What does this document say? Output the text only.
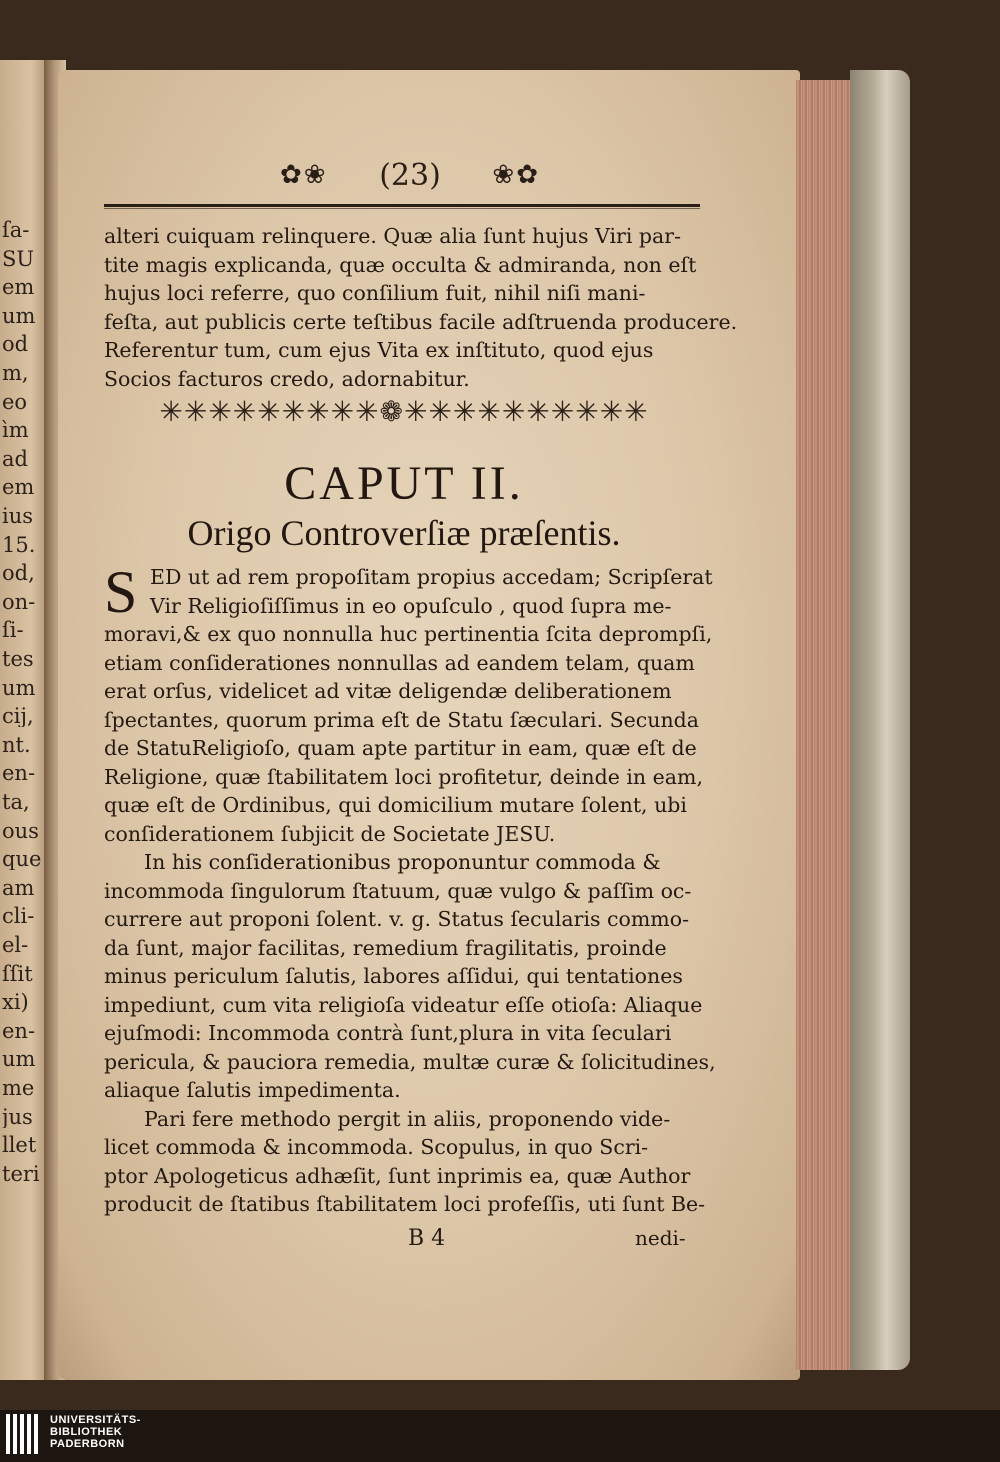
ſa-
SU
em
um
od
m,
eo
ìm
ad
em
ius
15.
od,
on-
ſi-
tes
um
cij,
nt.
en-
ta,
ous
que
am
cli-
el-
ſſit
xi)
en-
um
me
jus
llet
teri
✿❀ (23) ❀✿
alteri cuiquam relinquere. Quæ alia ſunt hujus Viri par-
tite magis explicanda, quæ occulta & admiranda, non eſt
hujus loci referre, quo conſilium fuit, nihil niſi mani-
feſta, aut publicis certe teſtibus facile adſtruenda producere.
Referentur tum, cum ejus Vita ex inſtituto, quod ejus
Socios facturos credo, adornabitur.
✳✳✳✳✳✳✳✳✳❁✳✳✳✳✳✳✳✳✳✳
CAPUT II.
Origo Controverſiæ præſentis.
S ED ut ad rem propoſitam propius accedam; Scripſerat
Vir Religioſiſſimus in eo opuſculo , quod ſupra me-
moravi,& ex quo nonnulla huc pertinentia ſcita deprompſi,
etiam conſiderationes nonnullas ad eandem telam, quam
erat orſus, videlicet ad vitæ deligendæ deliberationem
ſpectantes, quorum prima eſt de Statu ſæculari. Secunda
de StatuReligioſo, quam apte partitur in eam, quæ eſt de
Religione, quæ ſtabilitatem loci profitetur, deinde in eam,
quæ eſt de Ordinibus, qui domicilium mutare ſolent, ubi
conſiderationem ſubjicit de Societate JESU.
In his conſiderationibus proponuntur commoda &
incommoda ſingulorum ſtatuum, quæ vulgo & paſſim oc-
currere aut proponi ſolent. v. g. Status ſecularis commo-
da ſunt, major facilitas, remedium fragilitatis, proinde
minus periculum ſalutis, labores aſſidui, qui tentationes
impediunt, cum vita religioſa videatur eſſe otioſa: Aliaque
ejuſmodi: Incommoda contrà ſunt,plura in vita ſeculari
pericula, & pauciora remedia, multæ curæ & ſolicitudines,
aliaque ſalutis impedimenta.
Pari fere methodo pergit in aliis, proponendo vide-
licet commoda & incommoda. Scopulus, in quo Scri-
ptor Apologeticus adhæſit, ſunt inprimis ea, quæ Author
producit de ſtatibus ſtabilitatem loci profeſſis, uti ſunt Be-
B 4	nedi-
UNIVERSITÄTS-
BIBLIOTHEK
PADERBORN
